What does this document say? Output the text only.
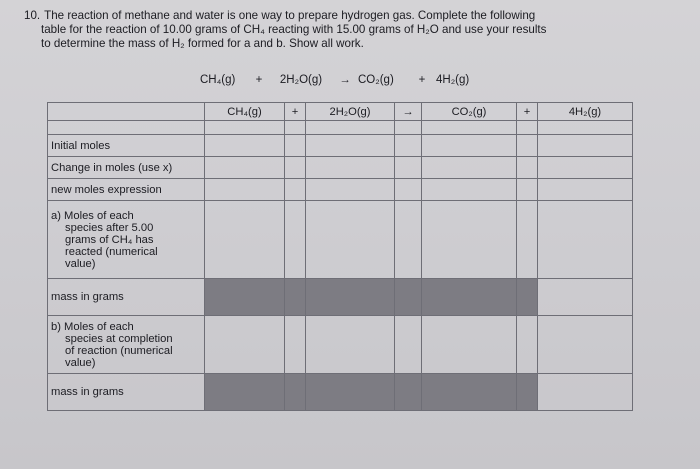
10. The reaction of methane and water is one way to prepare hydrogen gas. Complete the following
table for the reaction of 10.00 grams of CH₄ reacting with 15.00 grams of H₂O and use your results
to determine the mass of H₂ formed for a and b. Show all work.
CH₄(g)	+	2H₂O(g)	→ CO₂(g)	+ 4H₂(g)
	CH₄(g)	+	2H₂O(g)	→	CO₂(g)	+	4H₂(g)

Initial moles							
Change in moles (use x)							
new moles expression							

a) Moles of each
species after 5.00
grams of CH₄ has
reacted (numerical
value)							

mass in grams							

b) Moles of each
species at completion
of reaction (numerical
value)							

mass in grams							
